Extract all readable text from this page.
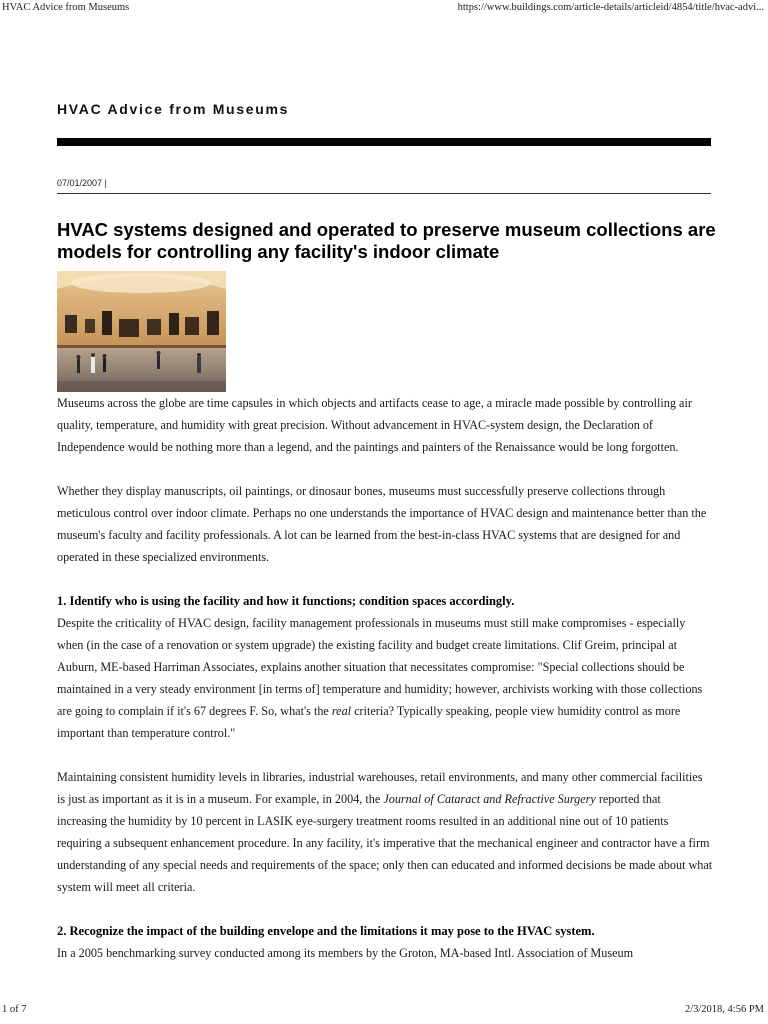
HVAC Advice from Museums	https://www.buildings.com/article-details/articleid/4854/title/hvac-advi...
HVAC Advice from Museums
07/01/2007 |
HVAC systems designed and operated to preserve museum collections are models for controlling any facility's indoor climate

Museums across the globe are time capsules in which objects and artifacts cease to age, a miracle made possible by controlling air quality, temperature, and humidity with great precision. Without advancement in HVAC-system design, the Declaration of Independence would be nothing more than a legend, and the paintings and painters of the Renaissance would be long forgotten.

Whether they display manuscripts, oil paintings, or dinosaur bones, museums must successfully preserve collections through meticulous control over indoor climate. Perhaps no one understands the importance of HVAC design and maintenance better than the museum's faculty and facility professionals. A lot can be learned from the best-in-class HVAC systems that are designed for and operated in these specialized environments.

1. Identify who is using the facility and how it functions; condition spaces accordingly.

Despite the criticality of HVAC design, facility management professionals in museums must still make compromises - especially when (in the case of a renovation or system upgrade) the existing facility and budget create limitations. Clif Greim, principal at Auburn, ME-based Harriman Associates, explains another situation that necessitates compromise: "Special collections should be maintained in a very steady environment [in terms of] temperature and humidity; however, archivists working with those collections are going to complain if it's 67 degrees F. So, what's the real criteria? Typically speaking, people view humidity control as more important than temperature control."

Maintaining consistent humidity levels in libraries, industrial warehouses, retail environments, and many other commercial facilities is just as important as it is in a museum. For example, in 2004, the Journal of Cataract and Refractive Surgery reported that increasing the humidity by 10 percent in LASIK eye-surgery treatment rooms resulted in an additional nine out of 10 patients requiring a subsequent enhancement procedure. In any facility, it's imperative that the mechanical engineer and contractor have a firm understanding of any special needs and requirements of the space; only then can educated and informed decisions be made about what system will meet all criteria.

2. Recognize the impact of the building envelope and the limitations it may pose to the HVAC system.

In a 2005 benchmarking survey conducted among its members by the Groton, MA-based Intl. Association of Museum

1 of 7	2/3/2018, 4:56 PM
